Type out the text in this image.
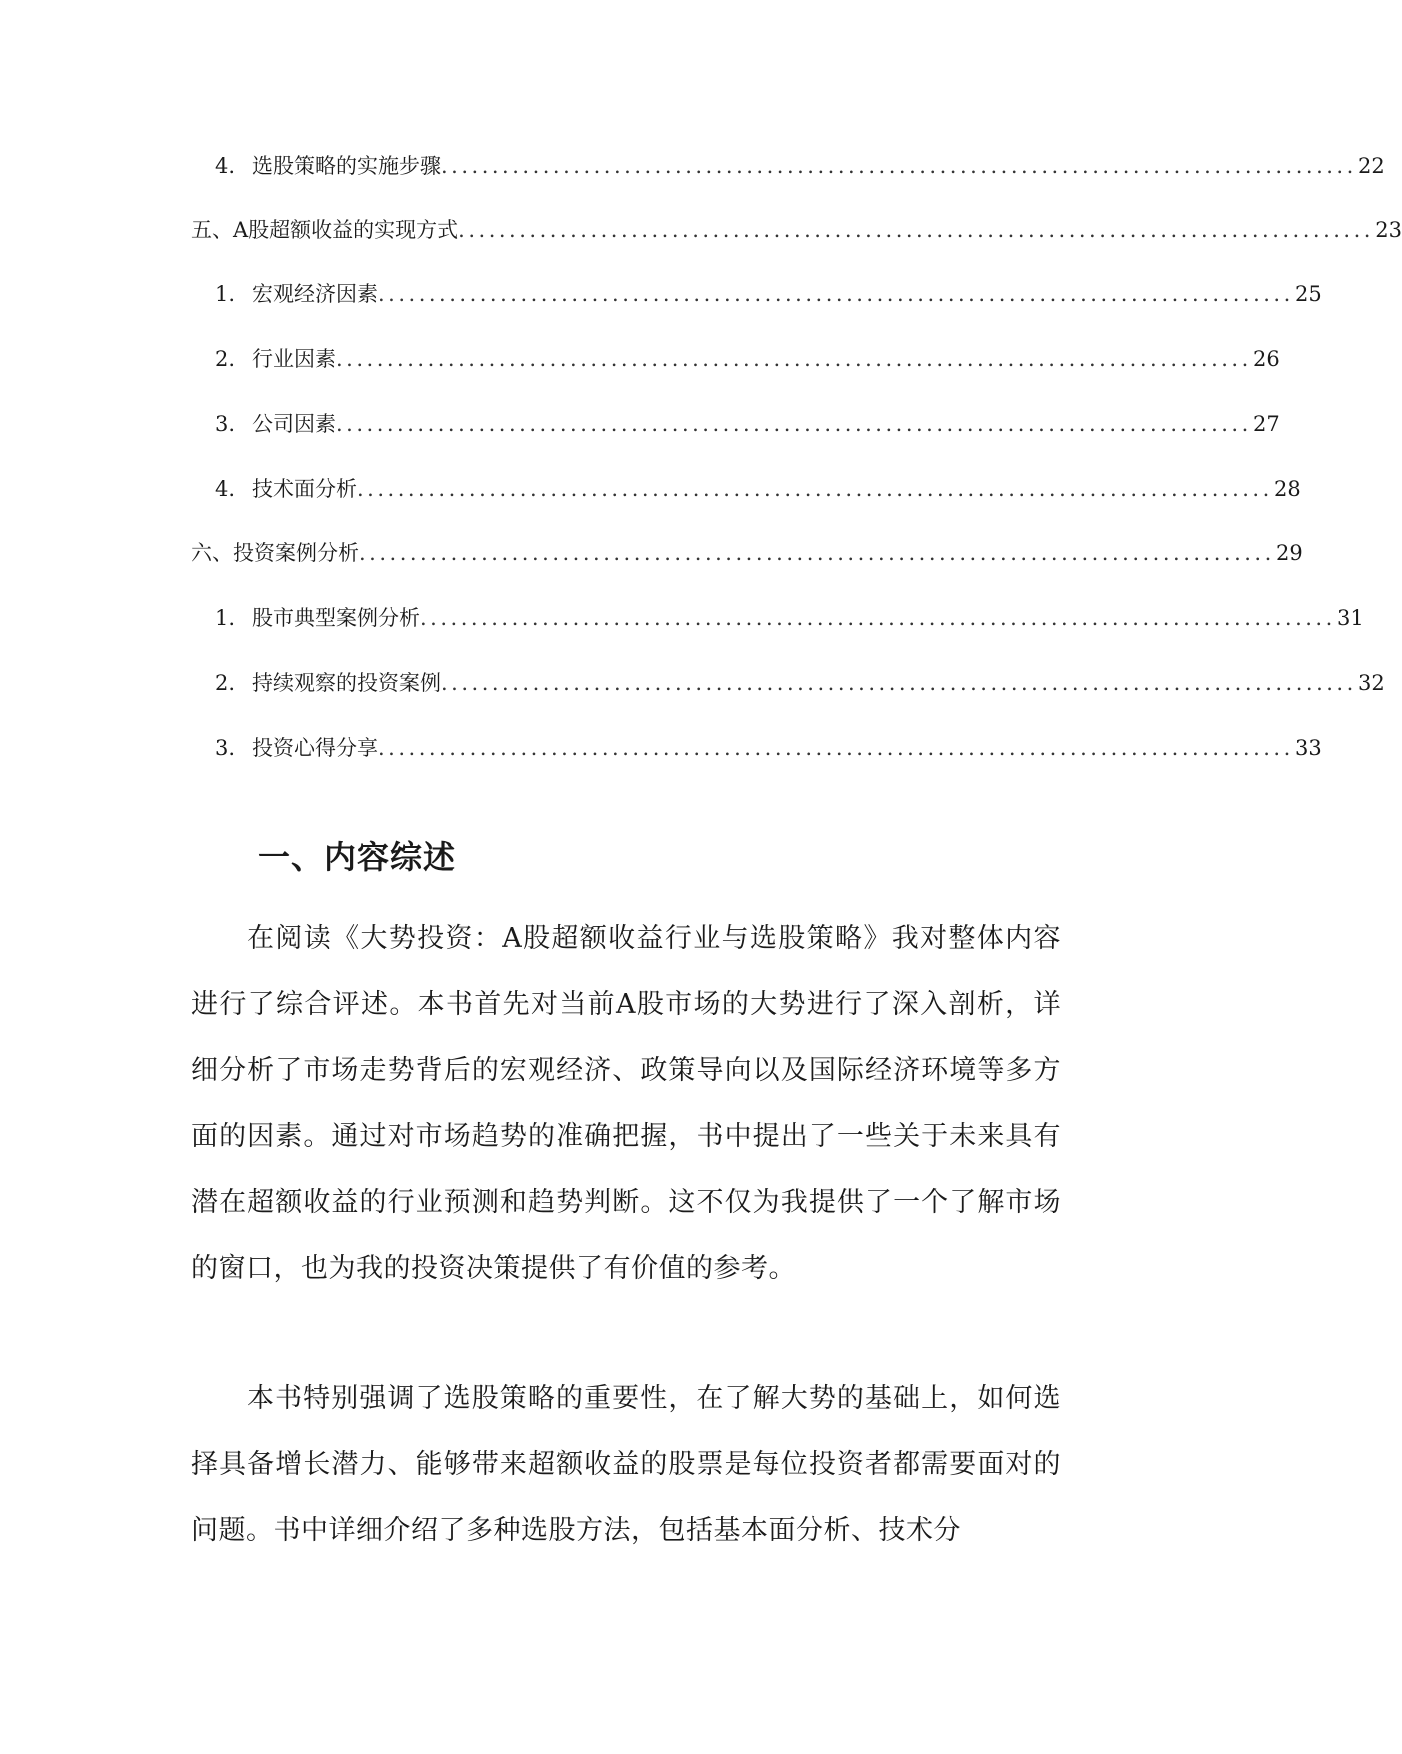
4. 选股策略的实施步骤 .......................................................................................... 22
五、A股超额收益的实现方式 .......................................................................................... 23
1. 宏观经济因素 .......................................................................................... 25
2. 行业因素 .......................................................................................... 26
3. 公司因素 .......................................................................................... 27
4. 技术面分析 .......................................................................................... 28
六、投资案例分析 .......................................................................................... 29
1. 股市典型案例分析 .......................................................................................... 31
2. 持续观察的投资案例 .......................................................................................... 32
3. 投资心得分享 .......................................................................................... 33
一、内容综述

在阅读《大势投资：A股超额收益行业与选股策略》我对整体内容进行了综合评述。本书首先对当前A股市场的大势进行了深入剖析，详细分析了市场走势背后的宏观经济、政策导向以及国际经济环境等多方面的因素。通过对市场趋势的准确把握，书中提出了一些关于未来具有潜在超额收益的行业预测和趋势判断。这不仅为我提供了一个了解市场的窗口，也为我的投资决策提供了有价值的参考。

本书特别强调了选股策略的重要性，在了解大势的基础上，如何选择具备增长潜力、能够带来超额收益的股票是每位投资者都需要面对的问题。书中详细介绍了多种选股方法，包括基本面分析、技术分
